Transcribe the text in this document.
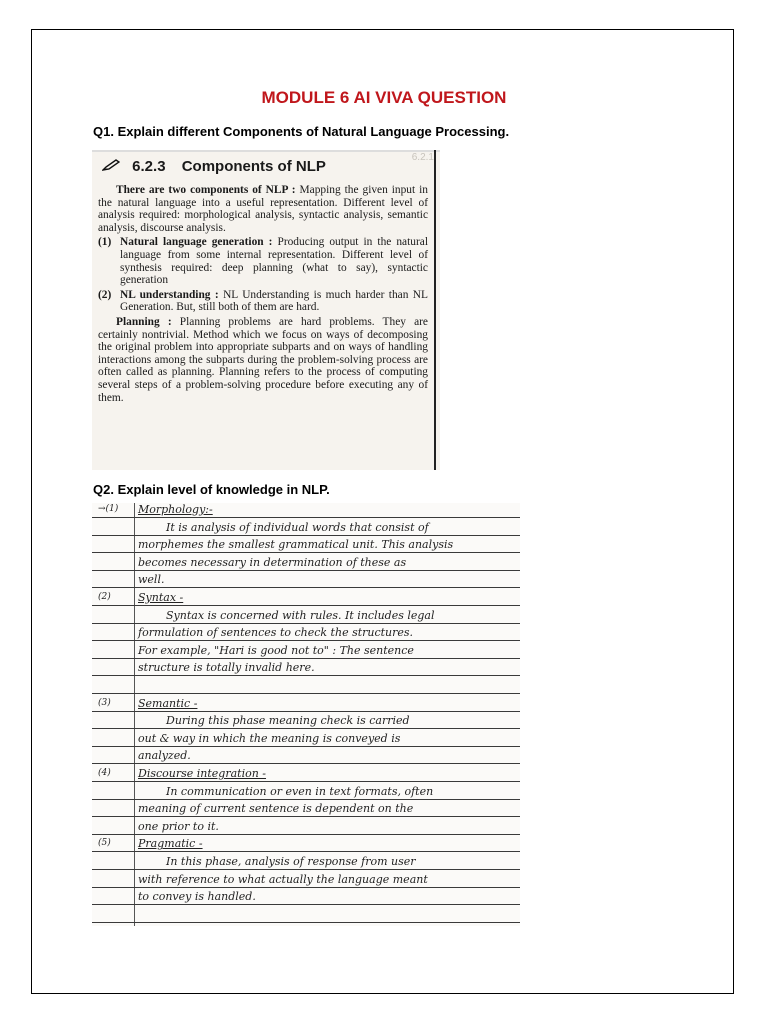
MODULE 6 AI VIVA QUESTION
Q1. Explain different Components of Natural Language Processing.
6.2.1
6.2.3 Components of NLP

There are two components of NLP : Mapping the given input in the natural language into a useful representation. Different level of analysis required: morphological analysis, syntactic analysis, semantic analysis, discourse analysis.

(1) Natural language generation : Producing output in the natural language from some internal representation. Different level of synthesis required: deep planning (what to say), syntactic generation

(2) NL understanding : NL Understanding is much harder than NL Generation. But, still both of them are hard.

Planning : Planning problems are hard problems. They are certainly nontrivial. Method which we focus on ways of decomposing the original problem into appropriate subparts and on ways of handling interactions among the subparts during the problem-solving process are often called as planning. Planning refers to the process of computing several steps of a problem-solving procedure before executing any of them.

Q2. Explain level of knowledge in NLP.
→(1) Morphology:-
It is analysis of individual words that consist of
morphemes the smallest grammatical unit. This analysis
becomes necessary in determination of these as
well.
(2) Syntax -
Syntax is concerned with rules. It includes legal
formulation of sentences to check the structures.
For example, "Hari is good not to" : The sentence
structure is totally invalid here.
(3) Semantic -
During this phase meaning check is carried
out & way in which the meaning is conveyed is
analyzed.
(4) Discourse integration -
In communication or even in text formats, often
meaning of current sentence is dependent on the
one prior to it.
(5) Pragmatic -
In this phase, analysis of response from user
with reference to what actually the language meant
to convey is handled.
